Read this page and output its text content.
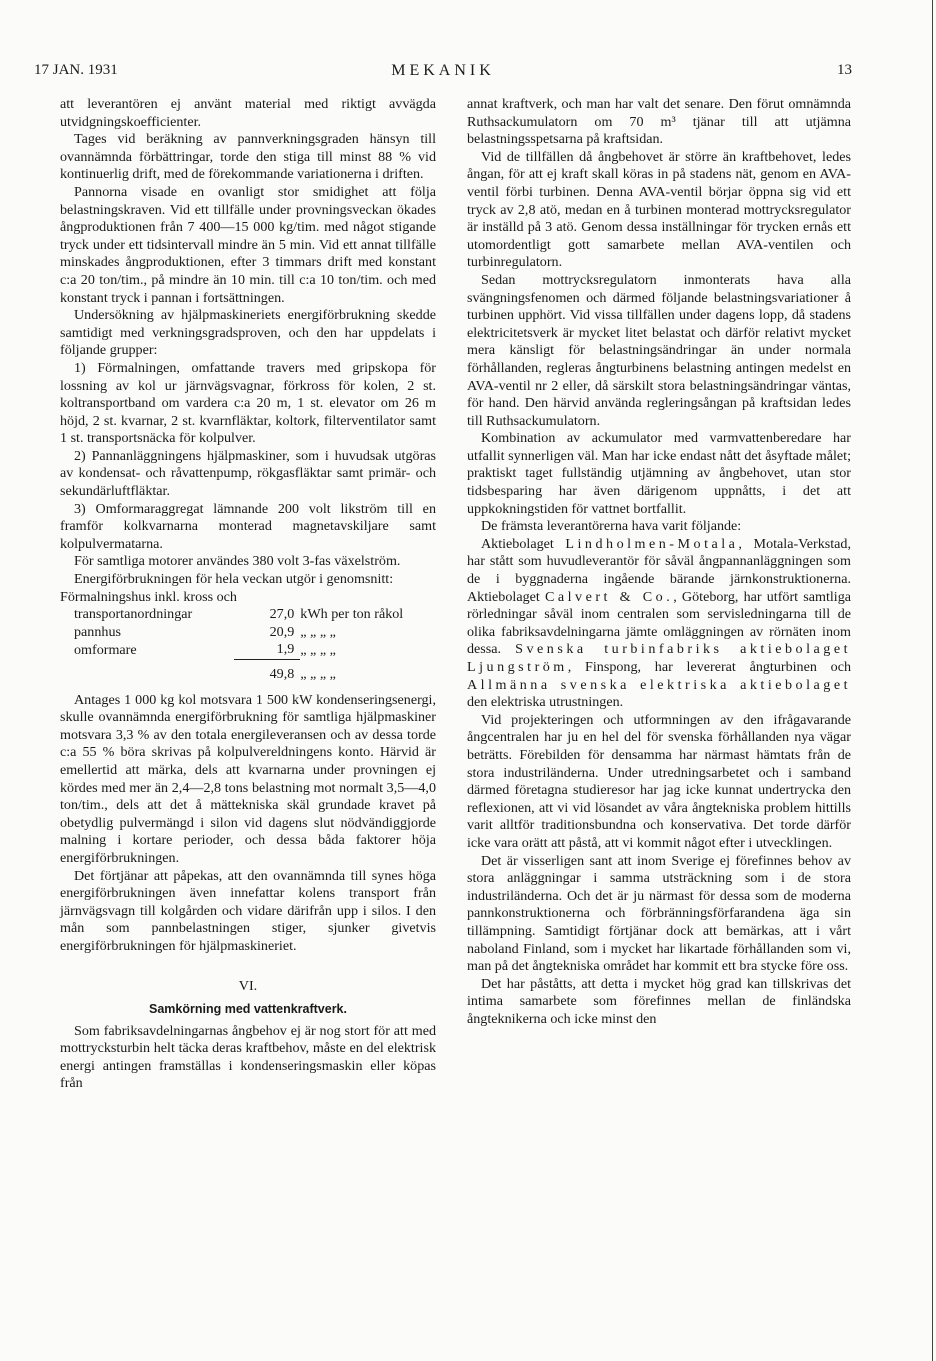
17 JAN. 1931	MEKANIK	13

att leverantören ej använt material med riktigt avvägda utvidgningskoefficienter.

Tages vid beräkning av pannverkningsgraden hänsyn till ovannämnda förbättringar, torde den stiga till minst 88 % vid kontinuerlig drift, med de förekommande variationerna i driften.

Pannorna visade en ovanligt stor smidighet att följa belastningskraven. Vid ett tillfälle under provningsveckan ökades ångproduktionen från 7 400—15 000 kg/tim. med något stigande tryck under ett tidsintervall mindre än 5 min. Vid ett annat tillfälle minskades ångproduktionen, efter 3 timmars drift med konstant c:a 20 ton/tim., på mindre än 10 min. till c:a 10 ton/tim. och med konstant tryck i pannan i fortsättningen.

Undersökning av hjälpmaskineriets energiförbrukning skedde samtidigt med verkningsgradsproven, och den har uppdelats i följande grupper:

1) Förmalningen, omfattande travers med gripskopa för lossning av kol ur järnvägsvagnar, förkross för kolen, 2 st. koltransportband om vardera c:a 20 m, 1 st. elevator om 26 m höjd, 2 st. kvarnar, 2 st. kvarnfläktar, koltork, filterventilator samt 1 st. transportsnäcka för kolpulver.

2) Pannanläggningens hjälpmaskiner, som i huvudsak utgöras av kondensat- och råvattenpump, rökgasfläktar samt primär- och sekundärluftfläktar.

3) Omformaraggregat lämnande 200 volt likström till en framför kolkvarnarna monterad magnetavskiljare samt kolpulvermatarna.

För samtliga motorer användes 380 volt 3-fas växelström.

Energiförbrukningen för hela veckan utgör i genomsnitt:

Förmalningshus inkl. kross och

transportanordningar	27,0	kWh per ton råkol
pannhus	20,9	„ „ „ „
omformare	1,9	„ „ „ „
	49,8	„ „ „ „

Antages 1 000 kg kol motsvara 1 500 kW kondenseringsenergi, skulle ovannämnda energiförbrukning för samtliga hjälpmaskiner motsvara 3,3 % av den totala energileveransen och av dessa torde c:a 55 % böra skrivas på kolpulvereldningens konto. Härvid är emellertid att märka, dels att kvarnarna under provningen ej kördes med mer än 2,4—2,8 tons belastning mot normalt 3,5—4,0 ton/tim., dels att det å mättekniska skäl grundade kravet på obetydlig pulvermängd i silon vid dagens slut nödvändiggjorde malning i kortare perioder, och dessa båda faktorer höja energiförbrukningen.

Det förtjänar att påpekas, att den ovannämnda till synes höga energiförbrukningen även innefattar kolens transport från järnvägsvagn till kolgården och vidare därifrån upp i silos. I den mån som pannbelastningen stiger, sjunker givetvis energiförbrukningen för hjälpmaskineriet.

VI.
Samkörning med vattenkraftverk.

Som fabriksavdelningarnas ångbehov ej är nog stort för att med mottrycksturbin helt täcka deras kraftbehov, måste en del elektrisk energi antingen framställas i kondenseringsmaskin eller köpas från

annat kraftverk, och man har valt det senare. Den förut omnämnda Ruthsackumulatorn om 70 m³ tjänar till att utjämna belastningsspetsarna på kraftsidan.

Vid de tillfällen då ångbehovet är större än kraftbehovet, ledes ångan, för att ej kraft skall köras in på stadens nät, genom en AVA-ventil förbi turbinen. Denna AVA-ventil börjar öppna sig vid ett tryck av 2,8 atö, medan en å turbinen monterad mottrycksregulator är inställd på 3 atö. Genom dessa inställningar för trycken ernås ett utomordentligt gott samarbete mellan AVA-ventilen och turbinregulatorn.

Sedan mottrycksregulatorn inmonterats hava alla svängningsfenomen och därmed följande belastningsvariationer å turbinen upphört. Vid vissa tillfällen under dagens lopp, då stadens elektricitetsverk är mycket litet belastat och därför relativt mycket mera känsligt för belastningsändringar än under normala förhållanden, regleras ångturbinens belastning antingen medelst en AVA-ventil nr 2 eller, då särskilt stora belastningsändringar väntas, för hand. Den härvid använda regleringsångan på kraftsidan ledes till Ruthsackumulatorn.

Kombination av ackumulator med varmvattenberedare har utfallit synnerligen väl. Man har icke endast nått det åsyftade målet; praktiskt taget fullständig utjämning av ångbehovet, utan stor tidsbesparing har även därigenom uppnåtts, i det att uppkokningstiden för vattnet bortfallit.

De främsta leverantörerna hava varit följande:

Aktiebolaget Lindholmen-Motala, Motala-Verkstad, har stått som huvudleverantör för såväl ångpannanläggningen som de i byggnaderna ingående bärande järnkonstruktionerna. Aktiebolaget Calvert & Co., Göteborg, har utfört samtliga rörledningar såväl inom centralen som servisledningarna till de olika fabriksavdelningarna jämte omläggningen av rörnäten inom dessa. Svenska turbinfabriks aktiebolaget Ljungström, Finspong, har levererat ångturbinen och Allmänna svenska elektriska aktiebolaget den elektriska utrustningen.

Vid projekteringen och utformningen av den ifrågavarande ångcentralen har ju en hel del för svenska förhållanden nya vägar beträtts. Förebilden för densamma har närmast hämtats från de stora industriländerna. Under utredningsarbetet och i samband därmed företagna studieresor har jag icke kunnat undertrycka den reflexionen, att vi vid lösandet av våra ångtekniska problem hittills varit alltför traditionsbundna och konservativa. Det torde därför icke vara orätt att påstå, att vi kommit något efter i utvecklingen.

Det är visserligen sant att inom Sverige ej förefinnes behov av stora anläggningar i samma utsträckning som i de stora industriländerna. Och det är ju närmast för dessa som de moderna pannkonstruktionerna och förbränningsförfarandena äga sin tillämpning. Samtidigt förtjänar dock att bemärkas, att i vårt naboland Finland, som i mycket har likartade förhållanden som vi, man på det ångtekniska området har kommit ett bra stycke före oss.

Det har påståtts, att detta i mycket hög grad kan tillskrivas det intima samarbete som förefinnes mellan de finländska ångteknikerna och icke minst den
